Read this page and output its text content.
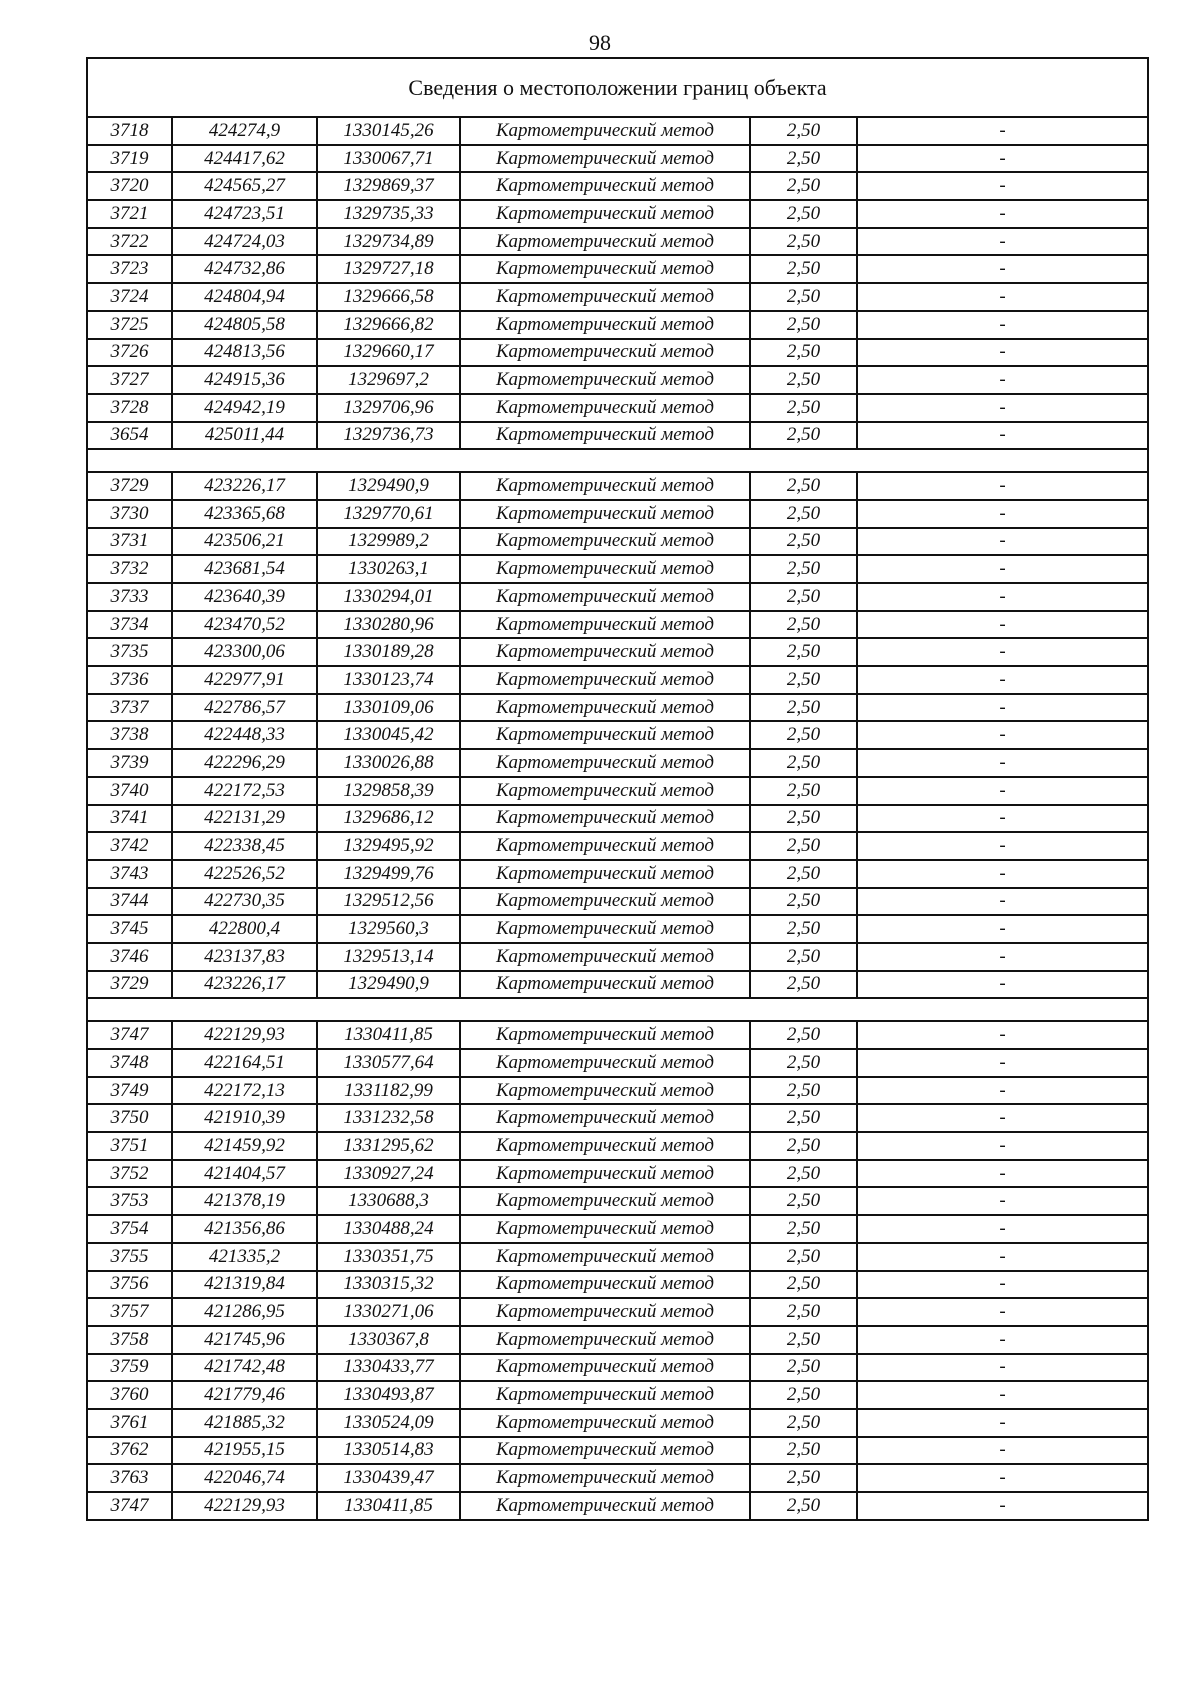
98
Сведения о местоположении границ объекта					
3718	424274,9	1330145,26	Картометрический метод	2,50	-
3719	424417,62	1330067,71	Картометрический метод	2,50	-
3720	424565,27	1329869,37	Картометрический метод	2,50	-
3721	424723,51	1329735,33	Картометрический метод	2,50	-
3722	424724,03	1329734,89	Картометрический метод	2,50	-
3723	424732,86	1329727,18	Картометрический метод	2,50	-
3724	424804,94	1329666,58	Картометрический метод	2,50	-
3725	424805,58	1329666,82	Картометрический метод	2,50	-
3726	424813,56	1329660,17	Картометрический метод	2,50	-
3727	424915,36	1329697,2	Картометрический метод	2,50	-
3728	424942,19	1329706,96	Картометрический метод	2,50	-
3654	425011,44	1329736,73	Картометрический метод	2,50	-

3729	423226,17	1329490,9	Картометрический метод	2,50	-
3730	423365,68	1329770,61	Картометрический метод	2,50	-
3731	423506,21	1329989,2	Картометрический метод	2,50	-
3732	423681,54	1330263,1	Картометрический метод	2,50	-
3733	423640,39	1330294,01	Картометрический метод	2,50	-
3734	423470,52	1330280,96	Картометрический метод	2,50	-
3735	423300,06	1330189,28	Картометрический метод	2,50	-
3736	422977,91	1330123,74	Картометрический метод	2,50	-
3737	422786,57	1330109,06	Картометрический метод	2,50	-
3738	422448,33	1330045,42	Картометрический метод	2,50	-
3739	422296,29	1330026,88	Картометрический метод	2,50	-
3740	422172,53	1329858,39	Картометрический метод	2,50	-
3741	422131,29	1329686,12	Картометрический метод	2,50	-
3742	422338,45	1329495,92	Картометрический метод	2,50	-
3743	422526,52	1329499,76	Картометрический метод	2,50	-
3744	422730,35	1329512,56	Картометрический метод	2,50	-
3745	422800,4	1329560,3	Картометрический метод	2,50	-
3746	423137,83	1329513,14	Картометрический метод	2,50	-
3729	423226,17	1329490,9	Картометрический метод	2,50	-

3747	422129,93	1330411,85	Картометрический метод	2,50	-
3748	422164,51	1330577,64	Картометрический метод	2,50	-
3749	422172,13	1331182,99	Картометрический метод	2,50	-
3750	421910,39	1331232,58	Картометрический метод	2,50	-
3751	421459,92	1331295,62	Картометрический метод	2,50	-
3752	421404,57	1330927,24	Картометрический метод	2,50	-
3753	421378,19	1330688,3	Картометрический метод	2,50	-
3754	421356,86	1330488,24	Картометрический метод	2,50	-
3755	421335,2	1330351,75	Картометрический метод	2,50	-
3756	421319,84	1330315,32	Картометрический метод	2,50	-
3757	421286,95	1330271,06	Картометрический метод	2,50	-
3758	421745,96	1330367,8	Картометрический метод	2,50	-
3759	421742,48	1330433,77	Картометрический метод	2,50	-
3760	421779,46	1330493,87	Картометрический метод	2,50	-
3761	421885,32	1330524,09	Картометрический метод	2,50	-
3762	421955,15	1330514,83	Картометрический метод	2,50	-
3763	422046,74	1330439,47	Картометрический метод	2,50	-
3747	422129,93	1330411,85	Картометрический метод	2,50	-
